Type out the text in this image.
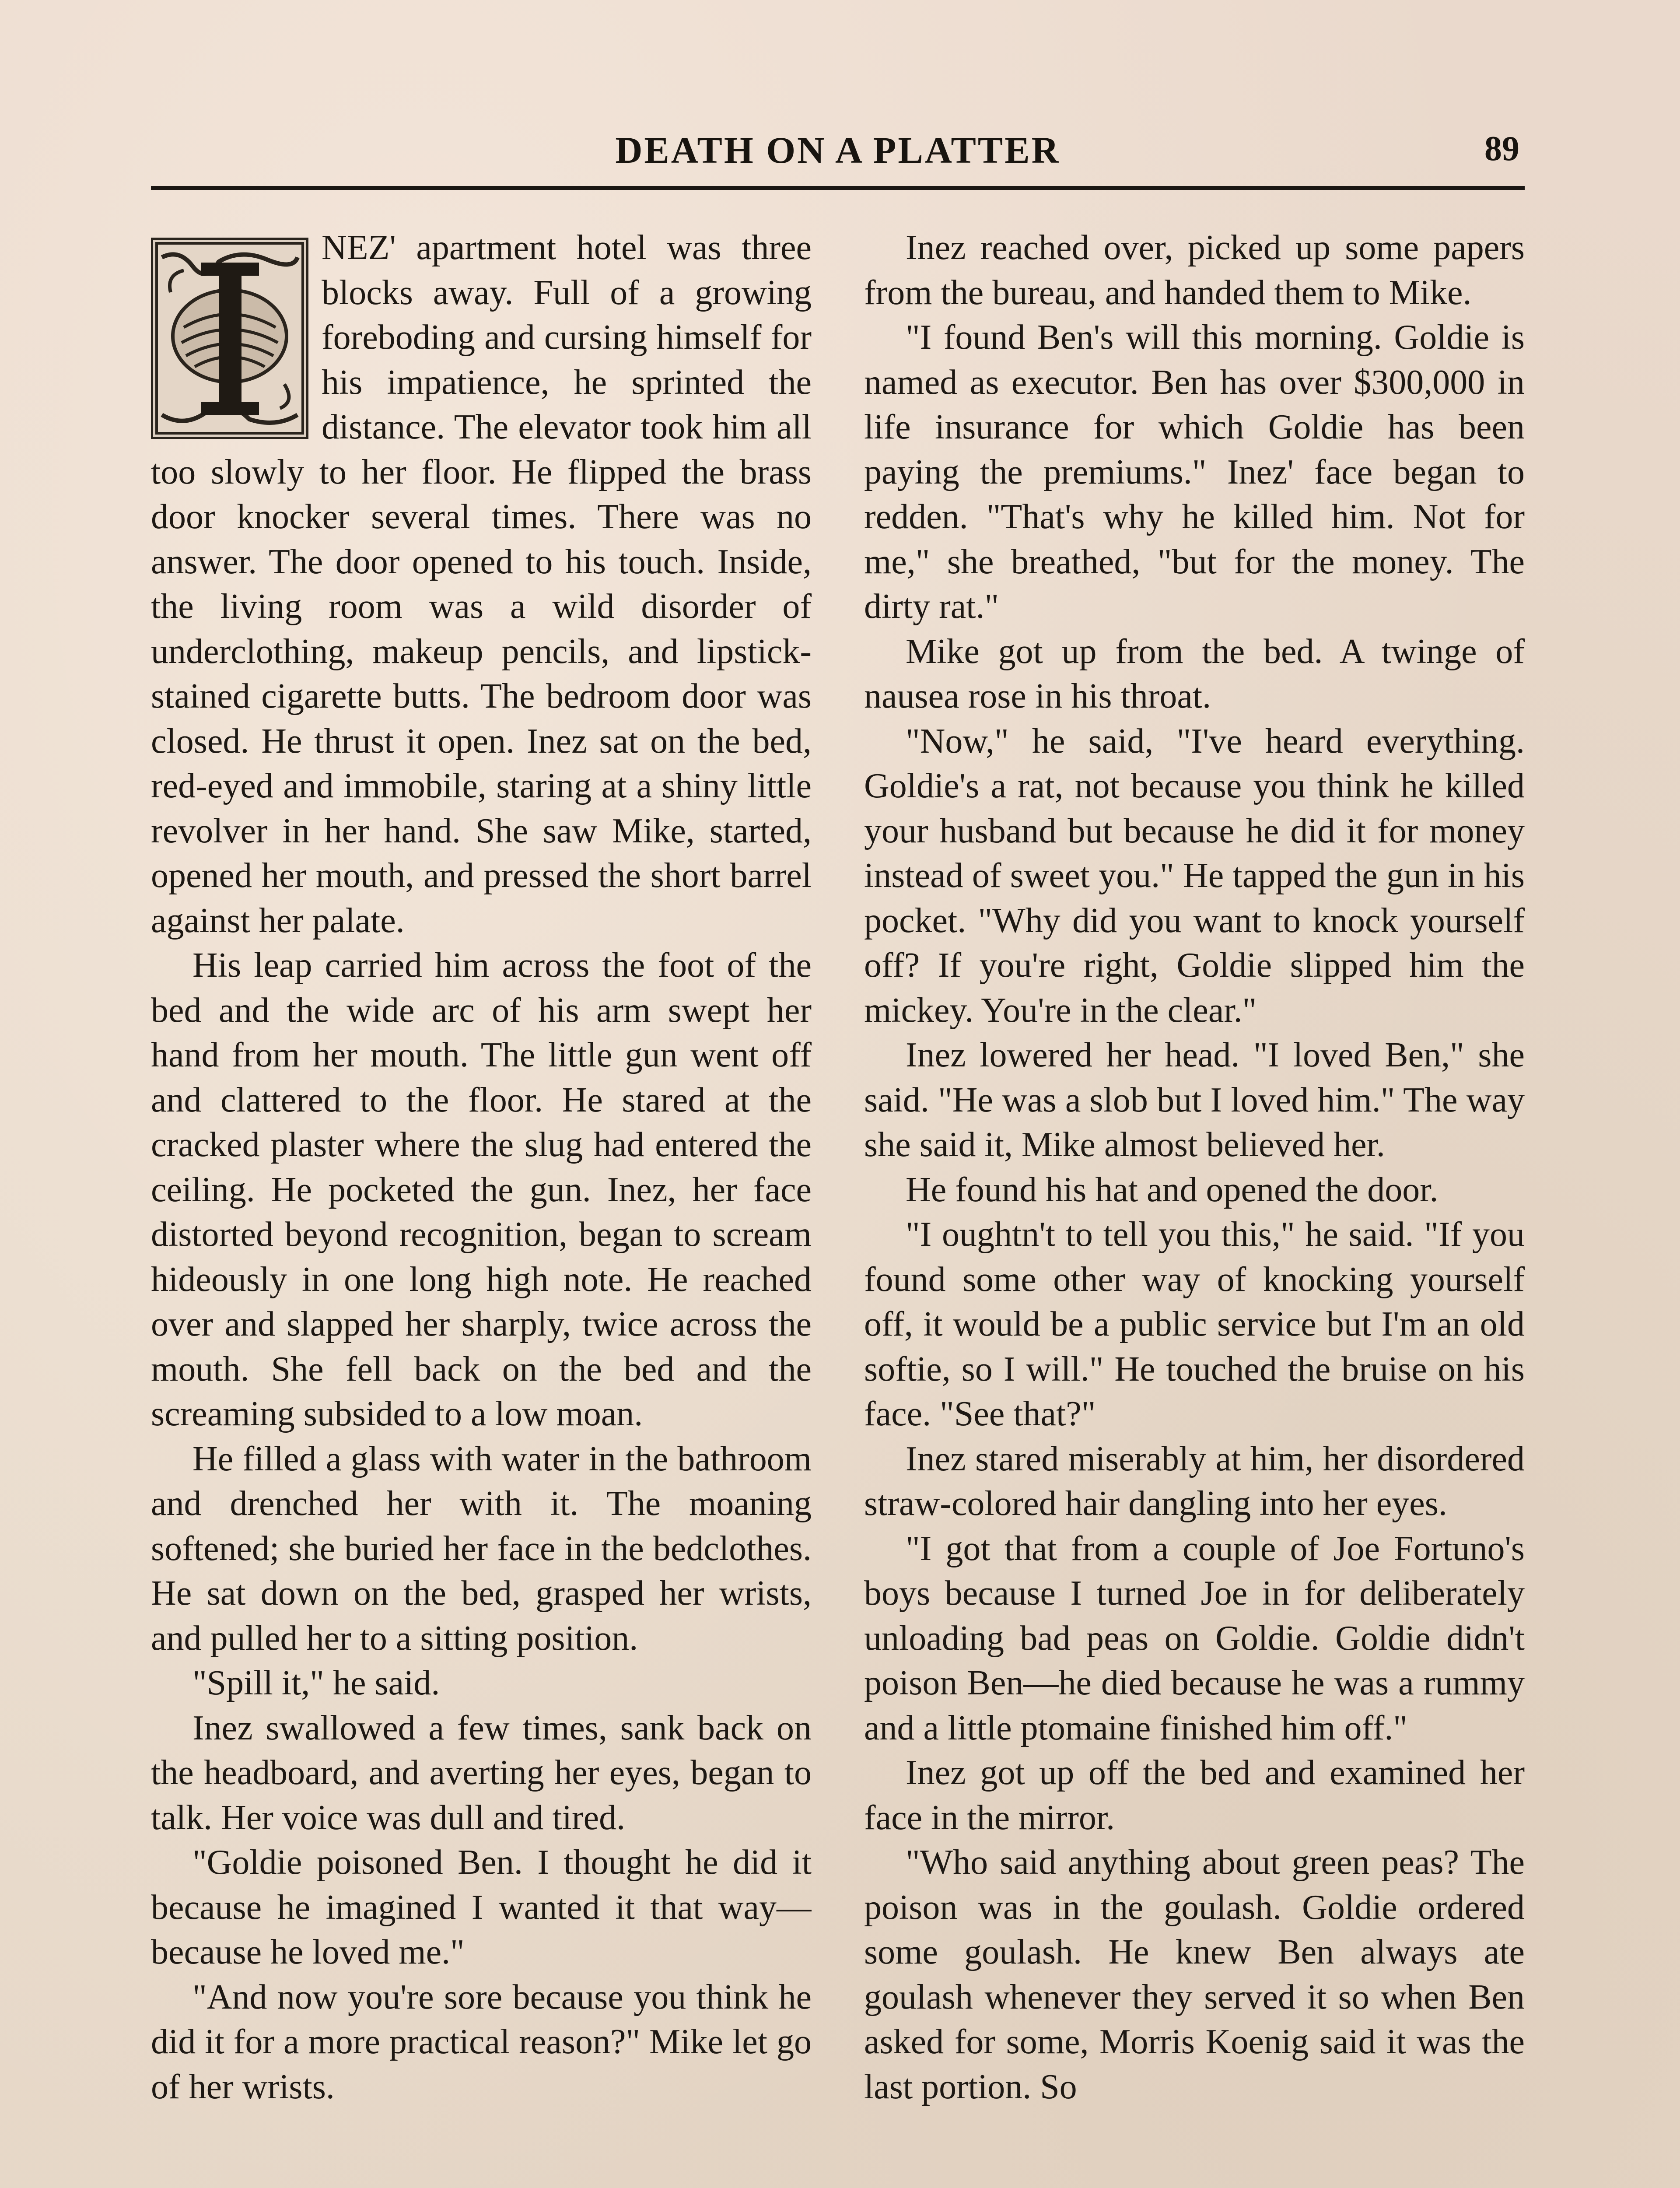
DEATH ON A PLATTER	89

NEZ' apartment hotel was three blocks away. Full of a growing foreboding and cursing himself for his impatience, he sprinted the distance. The elevator took him all too slowly to her floor. He flipped the brass door knocker several times. There was no answer. The door opened to his touch. Inside, the living room was a wild disorder of underclothing, makeup pencils, and lipstick-stained cigarette butts. The bedroom door was closed. He thrust it open. Inez sat on the bed, red-eyed and immobile, staring at a shiny little revolver in her hand. She saw Mike, started, opened her mouth, and pressed the short barrel against her palate.

His leap carried him across the foot of the bed and the wide arc of his arm swept her hand from her mouth. The little gun went off and clattered to the floor. He stared at the cracked plaster where the slug had entered the ceiling. He pocketed the gun. Inez, her face distorted beyond recognition, began to scream hideously in one long high note. He reached over and slapped her sharply, twice across the mouth. She fell back on the bed and the screaming subsided to a low moan.

He filled a glass with water in the bathroom and drenched her with it. The moaning softened; she buried her face in the bedclothes. He sat down on the bed, grasped her wrists, and pulled her to a sitting position.

"Spill it," he said.

Inez swallowed a few times, sank back on the headboard, and averting her eyes, began to talk. Her voice was dull and tired.

"Goldie poisoned Ben. I thought he did it because he imagined I wanted it that way—because he loved me."

"And now you're sore because you think he did it for a more practical reason?" Mike let go of her wrists.

Inez reached over, picked up some papers from the bureau, and handed them to Mike.

"I found Ben's will this morning. Goldie is named as executor. Ben has over $300,000 in life insurance for which Goldie has been paying the premiums." Inez' face began to redden. "That's why he killed him. Not for me," she breathed, "but for the money. The dirty rat."

Mike got up from the bed. A twinge of nausea rose in his throat.

"Now," he said, "I've heard everything. Goldie's a rat, not because you think he killed your husband but because he did it for money instead of sweet you." He tapped the gun in his pocket. "Why did you want to knock yourself off? If you're right, Goldie slipped him the mickey. You're in the clear."

Inez lowered her head. "I loved Ben," she said. "He was a slob but I loved him." The way she said it, Mike almost believed her.

He found his hat and opened the door.

"I oughtn't to tell you this," he said. "If you found some other way of knocking yourself off, it would be a public service but I'm an old softie, so I will." He touched the bruise on his face. "See that?"

Inez stared miserably at him, her disordered straw-colored hair dangling into her eyes.

"I got that from a couple of Joe Fortuno's boys because I turned Joe in for deliberately unloading bad peas on Goldie. Goldie didn't poison Ben—he died because he was a rummy and a little ptomaine finished him off."

Inez got up off the bed and examined her face in the mirror.

"Who said anything about green peas? The poison was in the goulash. Goldie ordered some goulash. He knew Ben always ate goulash whenever they served it so when Ben asked for some, Morris Koenig said it was the last portion. So
